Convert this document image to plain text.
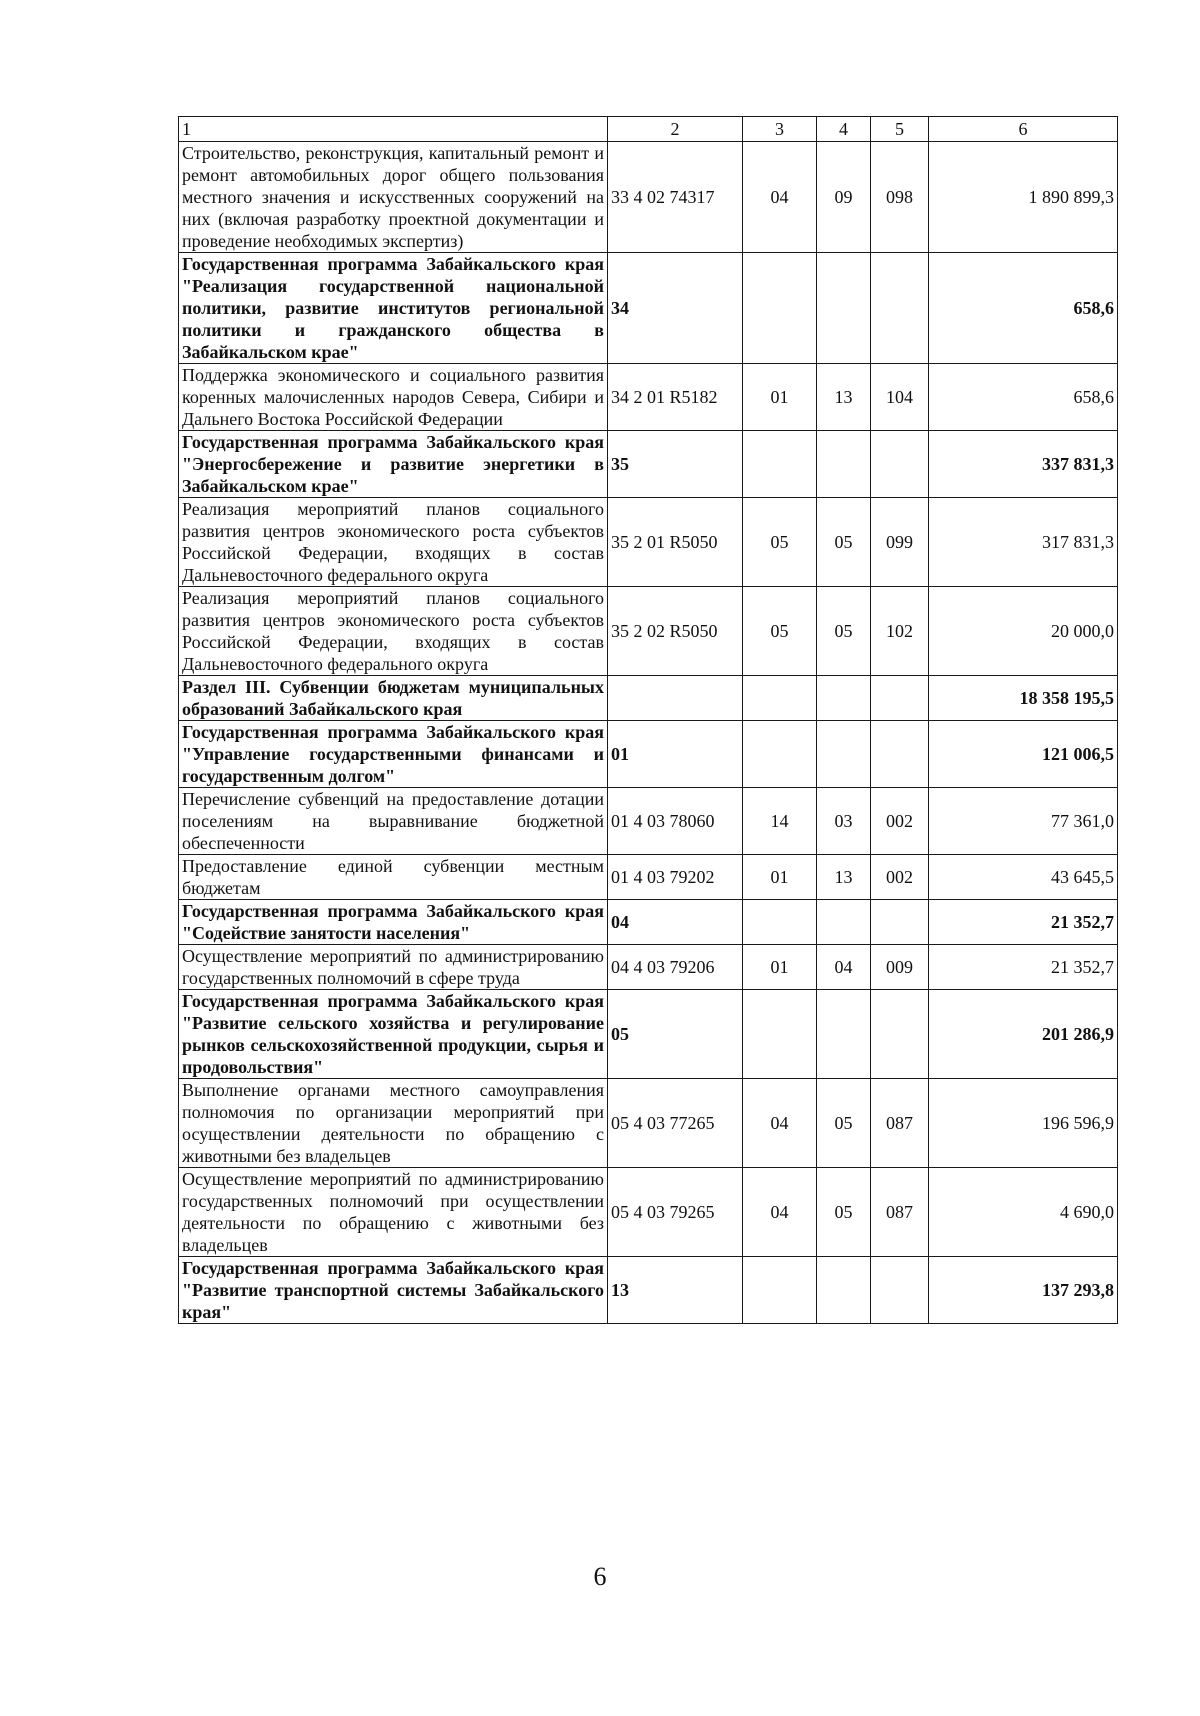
1	2	3	4	5	6
Строительство, реконструкция, капитальный ремонт и ремонт автомобильных дорог общего пользования местного значения и искусственных сооружений на них (включая разработку проектной документации и проведение необходимых экспертиз)	33 4 02 74317	04	09	098	1 890 899,3
Государственная программа Забайкальского края "Реализация государственной национальной политики, развитие институтов региональной политики и гражданского общества в Забайкальском крае"	34				658,6
Поддержка экономического и социального развития коренных малочисленных народов Севера, Сибири и Дальнего Востока Российской Федерации	34 2 01 R5182	01	13	104	658,6
Государственная программа Забайкальского края "Энергосбережение и развитие энергетики в Забайкальском крае"	35				337 831,3
Реализация мероприятий планов социального развития центров экономического роста субъектов Российской Федерации, входящих в состав Дальневосточного федерального округа	35 2 01 R5050	05	05	099	317 831,3
Реализация мероприятий планов социального развития центров экономического роста субъектов Российской Федерации, входящих в состав Дальневосточного федерального округа	35 2 02 R5050	05	05	102	20 000,0
Раздел III. Субвенции бюджетам муниципальных образований Забайкальского края					18 358 195,5
Государственная программа Забайкальского края "Управление государственными финансами и государственным долгом"	01				121 006,5
Перечисление субвенций на предоставление дотации поселениям на выравнивание бюджетной обеспеченности	01 4 03 78060	14	03	002	77 361,0
Предоставление единой субвенции местным бюджетам	01 4 03 79202	01	13	002	43 645,5
Государственная программа Забайкальского края "Содействие занятости населения"	04				21 352,7
Осуществление мероприятий по администрированию государственных полномочий в сфере труда	04 4 03 79206	01	04	009	21 352,7
Государственная программа Забайкальского края "Развитие сельского хозяйства и регулирование рынков сельскохозяйственной продукции, сырья и продовольствия"	05				201 286,9
Выполнение органами местного самоуправления полномочия по организации мероприятий при осуществлении деятельности по обращению с животными без владельцев	05 4 03 77265	04	05	087	196 596,9
Осуществление мероприятий по администрированию государственных полномочий при осуществлении деятельности по обращению с животными без владельцев	05 4 03 79265	04	05	087	4 690,0
Государственная программа Забайкальского края "Развитие транспортной системы Забайкальского края"	13				137 293,8
6
